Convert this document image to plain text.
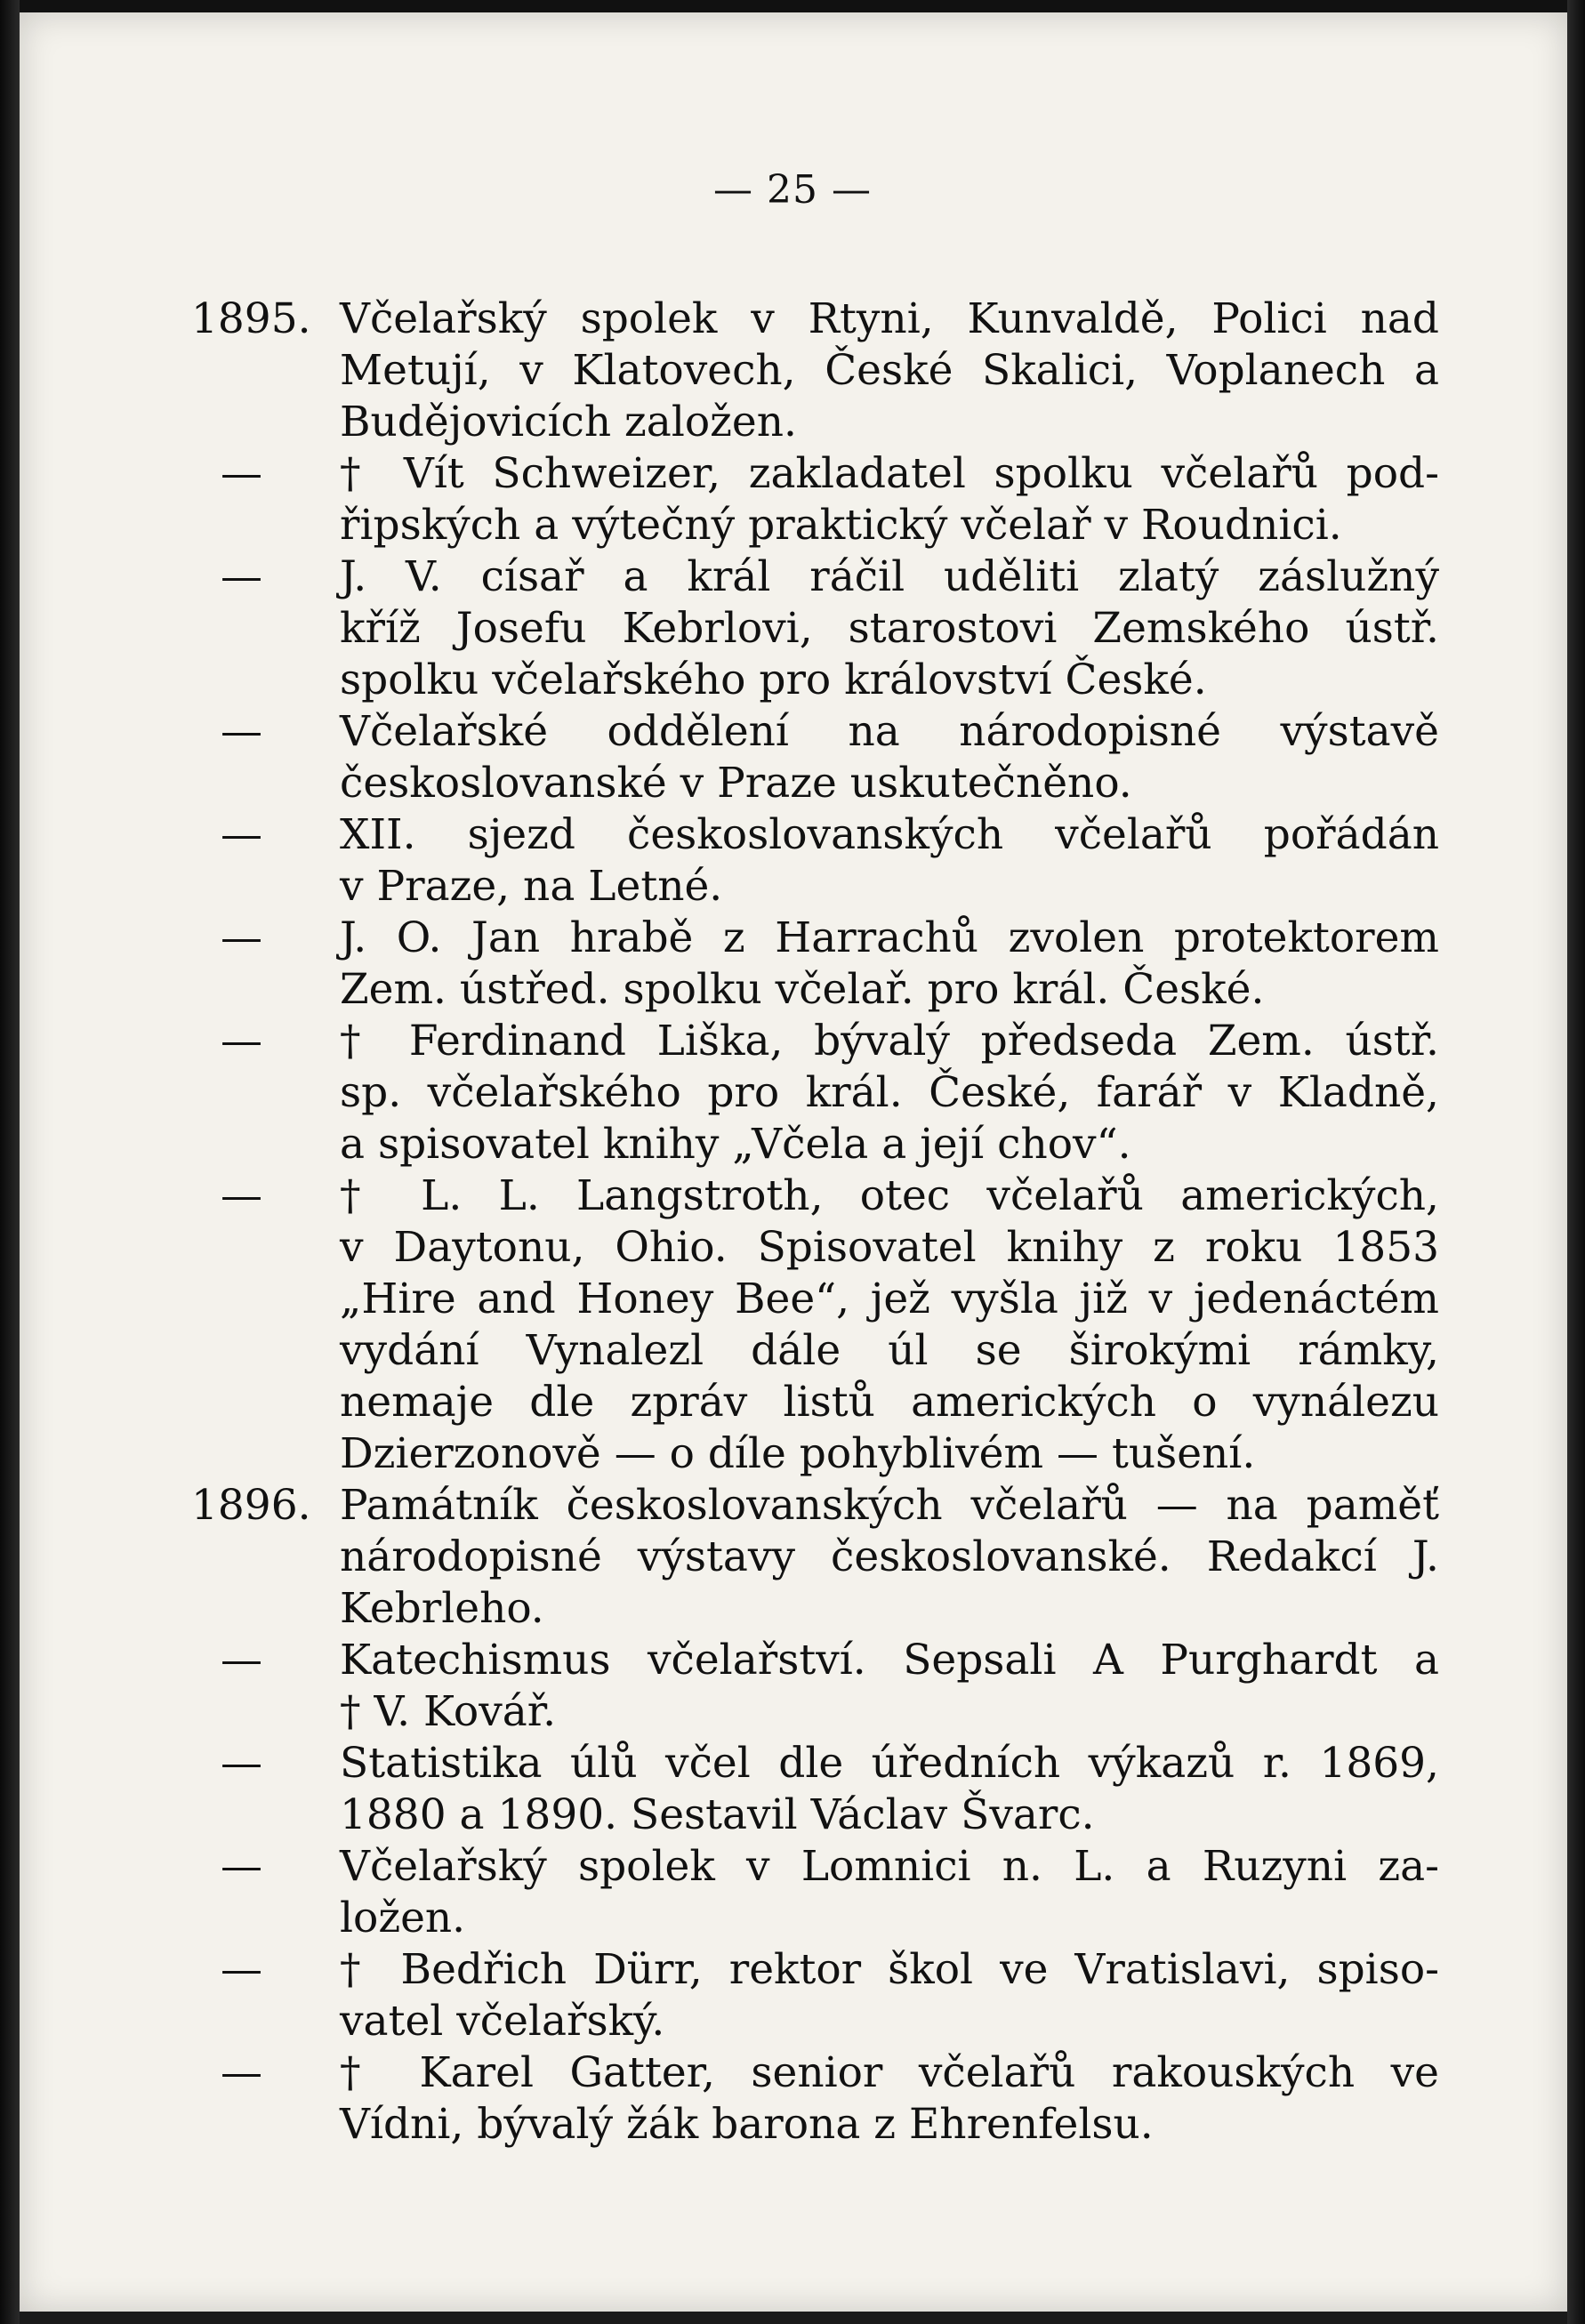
— 25 —
1895. Včelařský spolek v Rtyni, Kunvaldě, Polici nad
Metují, v Klatovech, České Skalici, Voplanech a
Budějovicích založen.
—	† Vít Schweizer, zakladatel spolku včelařů pod-
řipských a výtečný praktický včelař v Roudnici.
—	J. V. císař a král ráčil uděliti zlatý záslužný
kříž Josefu Kebrlovi, starostovi Zemského ústř.
spolku včelařského pro království České.
—	Včelařské oddělení na národopisné výstavě
českoslovanské v Praze uskutečněno.
—	XII. sjezd českoslovanských včelařů pořádán
v Praze, na Letné.
—	J. O. Jan hrabě z Harrachů zvolen protektorem
Zem. ústřed. spolku včelař. pro král. České.
—	† Ferdinand Liška, bývalý předseda Zem. ústř.
sp. včelařského pro král. České, farář v Kladně,
a spisovatel knihy „Včela a její chov“.
—	† L. L. Langstroth, otec včelařů amerických,
v Daytonu, Ohio. Spisovatel knihy z roku 1853
„Hire and Honey Bee“, jež vyšla již v jedenáctém
vydání Vynalezl dále úl se širokými rámky,
nemaje dle zpráv listů amerických o vynálezu
Dzierzonově — o díle pohyblivém — tušení.
1896. Památník českoslovanských včelařů — na paměť
národopisné výstavy českoslovanské. Redakcí J.
Kebrleho.
—	Katechismus včelařství. Sepsali A Purghardt a
† V. Kovář.
—	Statistika úlů včel dle úředních výkazů r. 1869,
1880 a 1890. Sestavil Václav Švarc.
—	Včelařský spolek v Lomnici n. L. a Ruzyni za-
ložen.
—	† Bedřich Dürr, rektor škol ve Vratislavi, spiso-
vatel včelařský.
—	† Karel Gatter, senior včelařů rakouských ve
Vídni, bývalý žák barona z Ehrenfelsu.
